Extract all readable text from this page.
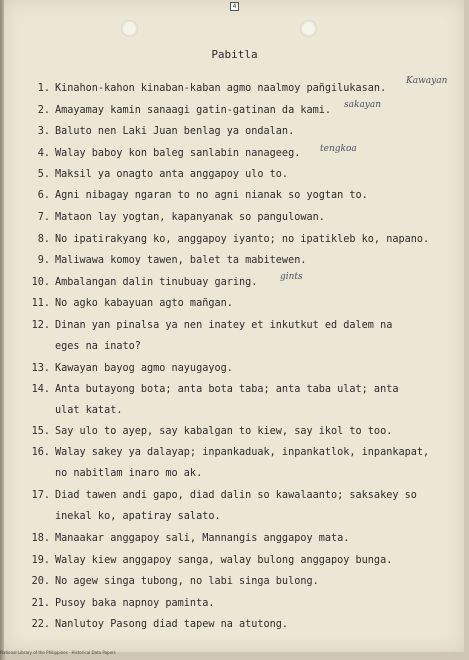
4
Pabitla
1. Kinahon-kahon kinaban-kaban agmo naalmoy pañgilukasan.
2. Amayamay kamin sanaagi gatin-gatinan da kami.
3. Baluto nen Laki Juan benlag ya ondalan.
4. Walay baboy kon baleg sanlabin nanageeg.
5. Maksil ya onagto anta anggapoy ulo to.
6. Agni nibagay ngaran to no agni nianak so yogtan to.
7. Mataon lay yogtan, kapanyanak so pangulowan.
8. No ipatirakyang ko, anggapoy iyanto; no ipatikleb ko, napano.
9. Maliwawa komoy tawen, balet ta mabitewen.
10. Ambalangan dalin tinubuay garing.
11. No agko kabayuan agto mañgan.
12. Dinan yan pinalsa ya nen inatey et inkutkut ed dalem na
eges na inato?
13. Kawayan bayog agmo nayugayog.
14. Anta butayong bota; anta bota taba; anta taba ulat; anta
ulat katat.
15. Say ulo to ayep, say kabalgan to kiew, say ikol to too.
16. Walay sakey ya dalayap; inpankaduak, inpankatlok, inpankapat,
no nabitlam inaro mo ak.
17. Diad tawen andi gapo, diad dalin so kawalaanto; saksakey so
inekal ko, apatiray salato.
18. Manaakar anggapoy sali, Mannangis anggapoy mata.
19. Walay kiew anggapoy sanga, walay bulong anggapoy bunga.
20. No agew singa tubong, no labi singa bulong.
21. Pusoy baka napnoy paminta.
22. Nanlutoy Pasong diad tapew na atutong.
Kawayan
sakayan
tengkoa
gints
National Library of the Philippines · Historical Data Papers
